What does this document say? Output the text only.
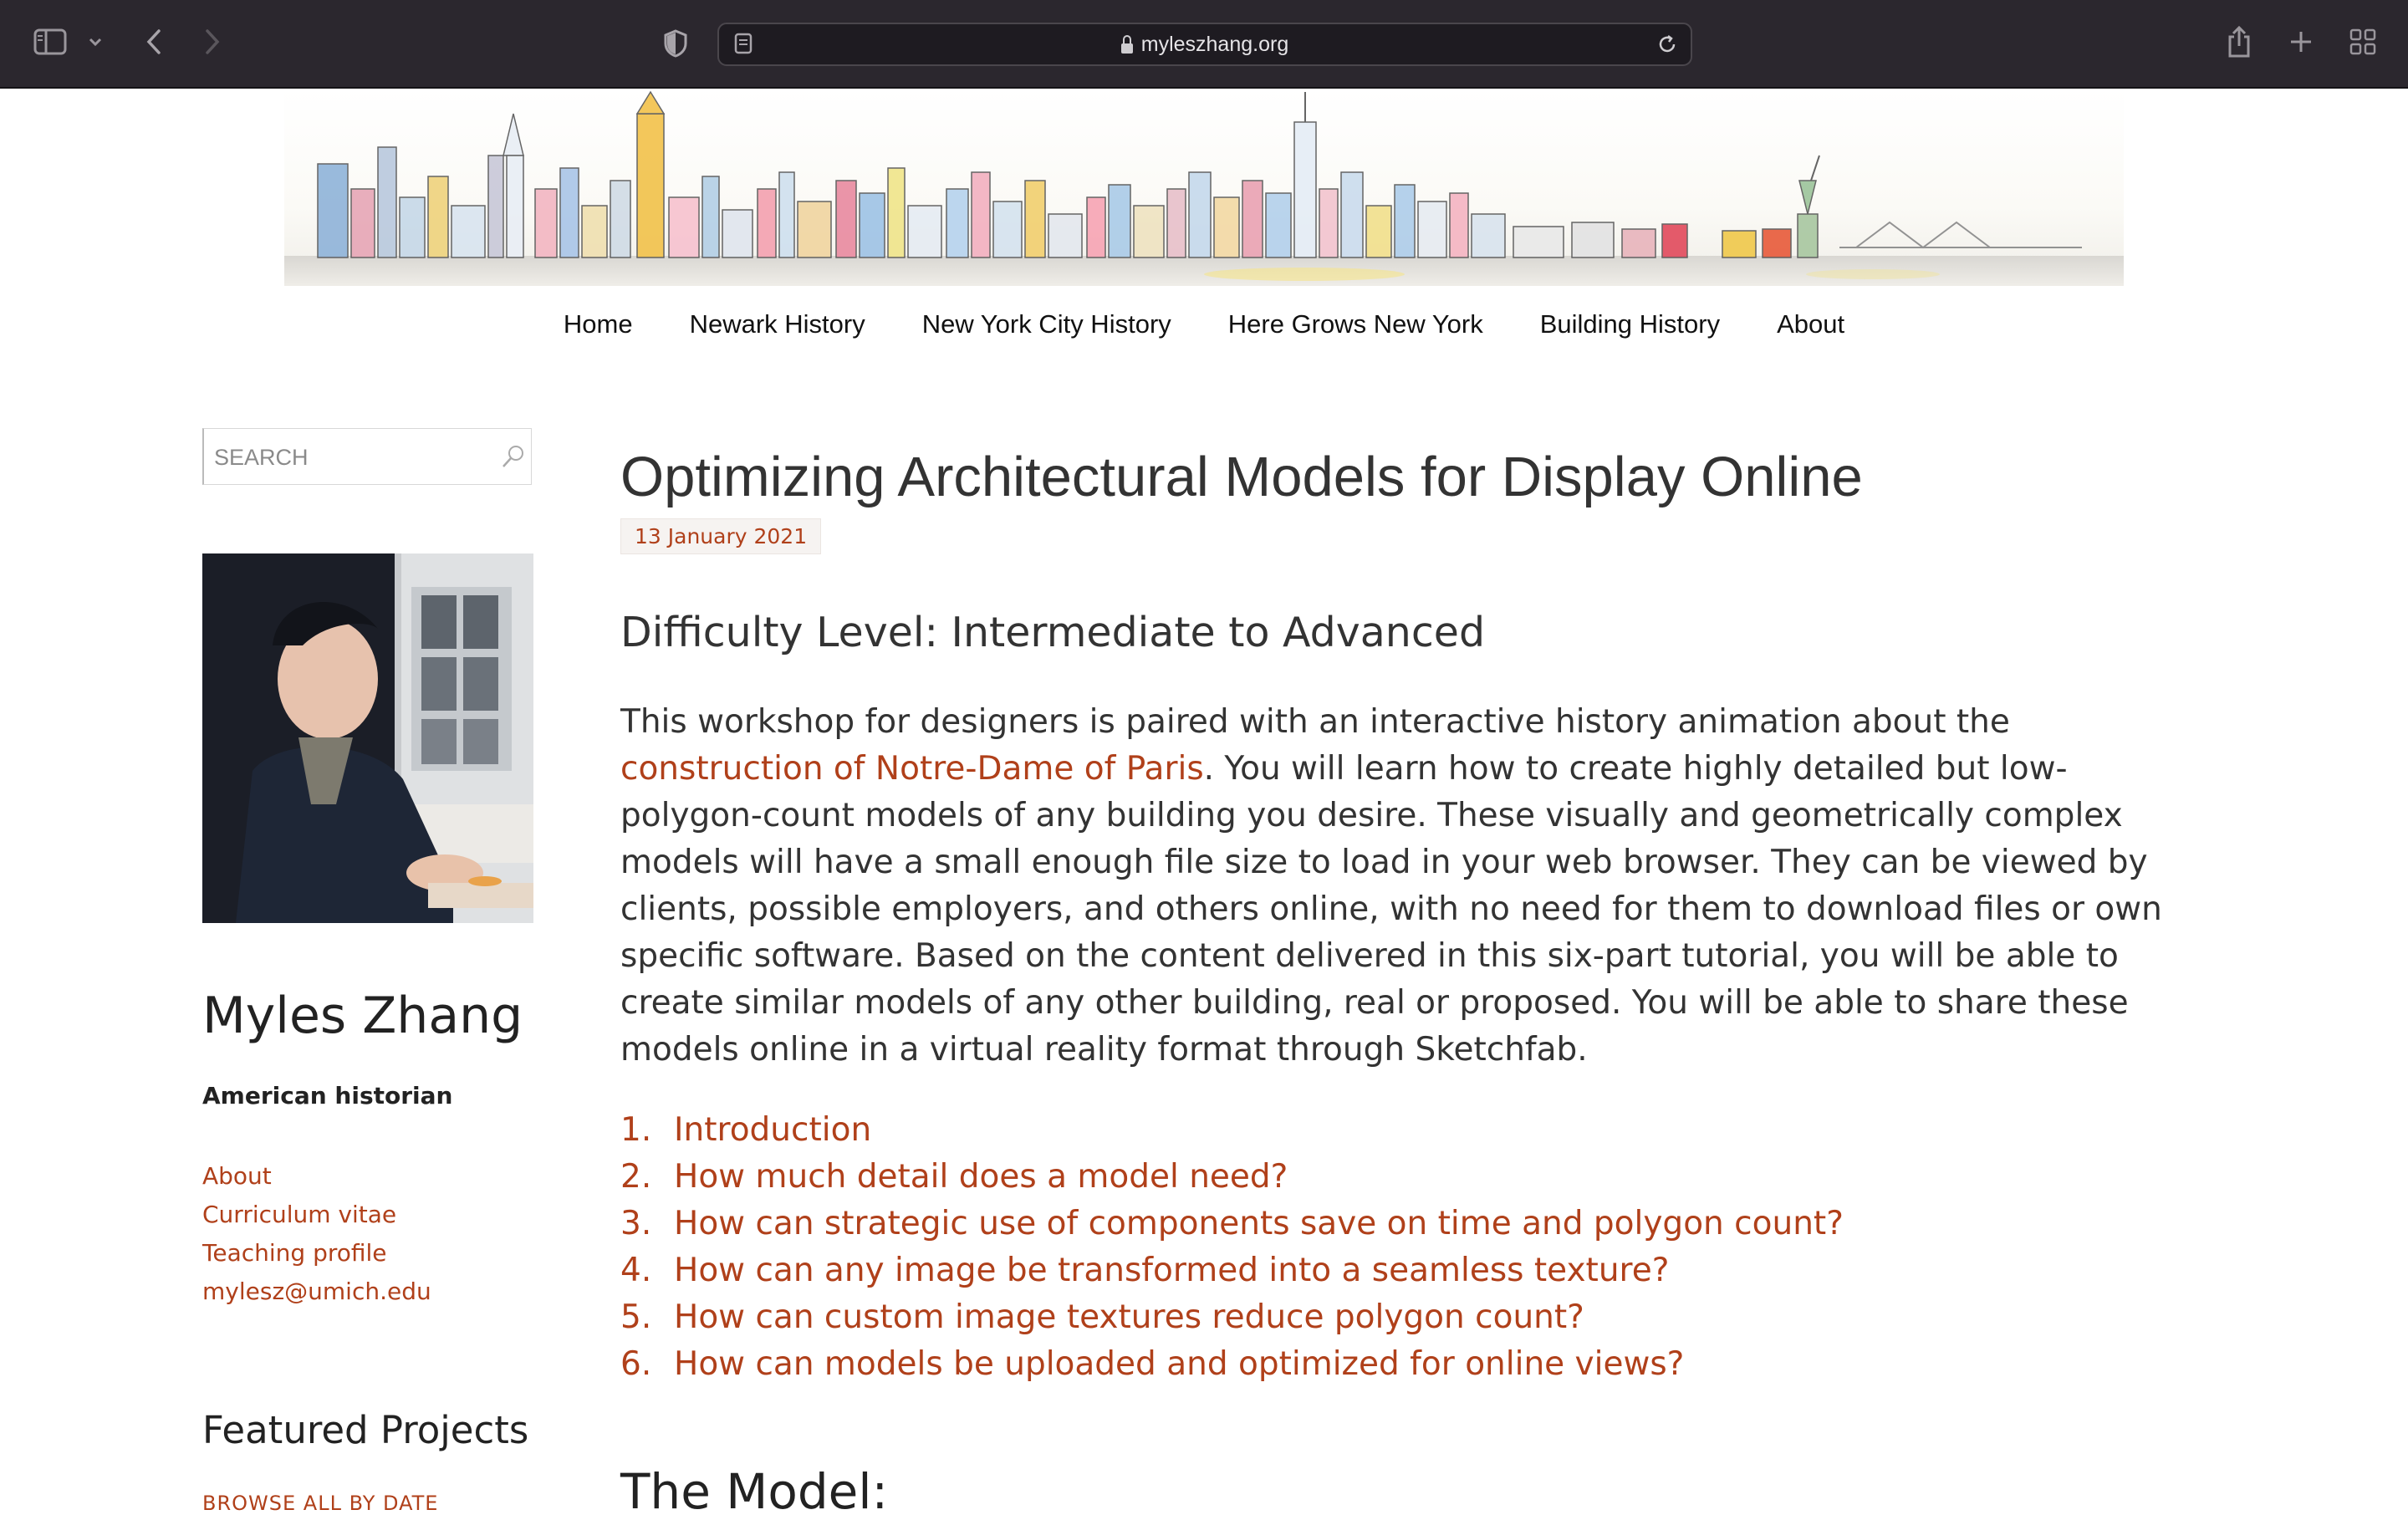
myleszhang.org
Home Newark History New York City History Here Grows New York Building History About
SEARCH
Myles Zhang
American historian
About
Curriculum vitae
Teaching profile
mylesz@umich.edu
Featured Projects
BROWSE ALL BY DATE
Optimizing Architectural Models for Display Online
13 January 2021
Difficulty Level: Intermediate to Advanced

This workshop for designers is paired with an interactive history animation about the construction of Notre-Dame of Paris. You will learn how to create highly detailed but low-polygon-count models of any building you desire. These visually and geometrically complex models will have a small enough file size to load in your web browser. They can be viewed by clients, possible employers, and others online, with no need for them to download files or own specific software. Based on the content delivered in this six-part tutorial, you will be able to create similar models of any other building, real or proposed. You will be able to share these models online in a virtual reality format through Sketchfab.

1. Introduction
2. How much detail does a model need?
3. How can strategic use of components save on time and polygon count?
4. How can any image be transformed into a seamless texture?
5. How can custom image textures reduce polygon count?
6. How can models be uploaded and optimized for online views?
The Model:
